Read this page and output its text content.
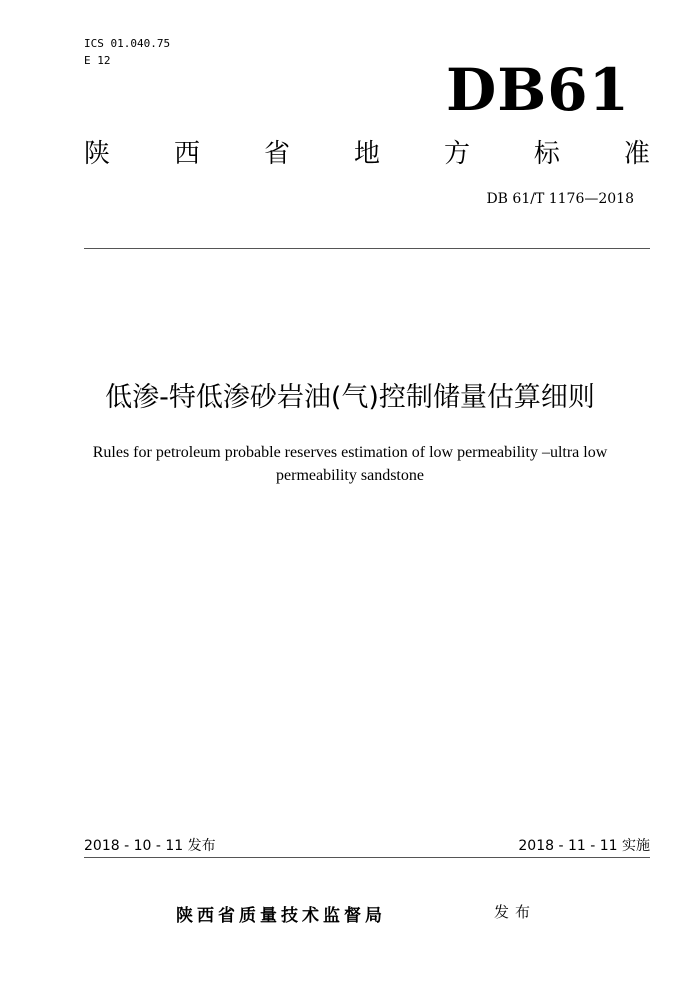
ICS 01.040.75
E 12	DB61
陕 西 省 地 方 标 准
DB 61/T 1176—2018
低渗-特低渗砂岩油(气)控制储量估算细则
Rules for petroleum probable reserves estimation of low permeability –ultra low permeability sandstone
2018 - 10 - 11 发布	2018 - 11 - 11 实施
陕西省质量技术监督局	发布
